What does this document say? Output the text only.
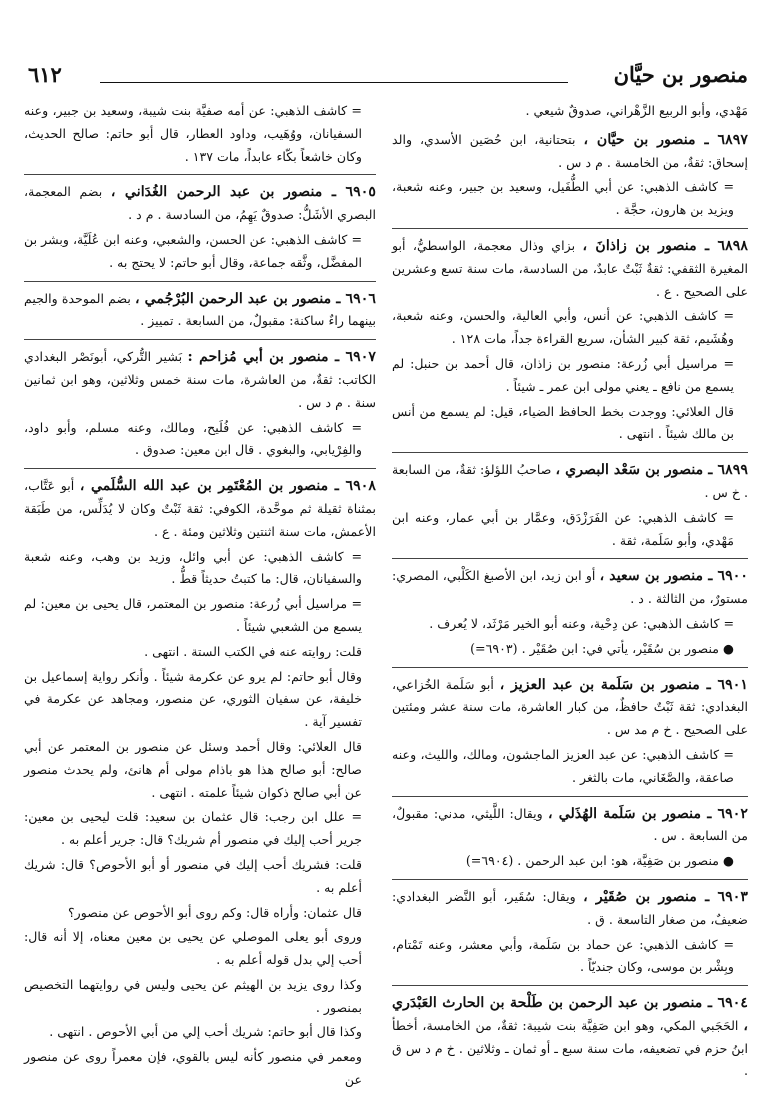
منصور بن حيَّان
٦١٢

مَهْدي، وأبو الربيع الزَّهْراني، صدوقٌ شيعي .

٦٨٩٧ ـ منصور بن حيَّان ، بتحتانية، ابن حُصَين الأسدي، والد إسحاق: ثقةٌ، من الخامسة . م د س .

= كاشف الذهبي: عن أبي الطُّفَيل، وسعيد بن جبير، وعنه شعبة، ويزيد بن هارون، حجَّة .

٦٨٩٨ ـ منصور بن زاذانَ ، بزاي وذال معجمة، الواسطيُّ، أبو المغيرة الثقفي: ثقةٌ ثَبْتٌ عابدٌ، من السادسة، مات سنة تسع وعشرين على الصحيح . ع .

= كاشف الذهبي: عن أنس، وأبي العالية، والحسن، وعنه شعبة، وهُشَيم، ثقة كبير الشأن، سريع القراءة جداً، مات ١٢٨ .

= مراسيل أبي زُرعة: منصور بن زاذان، قال أحمد بن حنبل: لم يسمع من نافع ـ يعني مولى ابن عمر ـ شيئاً .

قال العلائي: ووجدت بخط الحافظ الضياء، قيل: لم يسمع من أنس بن مالك شيئاً . انتهى .

٦٨٩٩ ـ منصور بن سَعْد البصري ، صاحبُ اللؤلؤ: ثقةٌ، من السابعة . خ س .

= كاشف الذهبي: عن الفَرَزْدَق، وعمَّار بن أبي عمار، وعنه ابن مَهْدي، وأبو سَلَمة، ثقة .

٦٩٠٠ ـ منصور بن سعيد ، أو ابن زيد، ابن الأصبغ الكَلْبي، المصري: مستورٌ، من الثالثة . د .

= كاشف الذهبي: عن دِحْية، وعنه أبو الخير مَرْثَد، لا يُعرف .

● منصور بن سُقَيْر، يأتي في: ابن صُقَيْر . (٦٩٠٣=)

٦٩٠١ ـ منصور بن سَلَمة بن عبد العزيز ، أبو سَلَمة الخُزاعي، البغدادي: ثقة ثَبْتٌ حافظٌ، من كبار العاشرة، مات سنة عشر ومئتين على الصحيح . خ م مد س .

= كاشف الذهبي: عن عبد العزيز الماجشون، ومالك، والليث، وعنه صاعقة، والصَّغَاني، مات بالثغر .

٦٩٠٢ ـ منصور بن سَلَمة الهُذَلي ، ويقال: اللَّيثي، مدني: مقبولٌ، من السابعة . س .

● منصور بن صَفِيَّة، هو: ابن عبد الرحمن . (٦٩٠٤=)

٦٩٠٣ ـ منصور بن صُقَيْر ، ويقال: سُقَير، أبو النَّضر البغدادي: ضعيفٌ، من صغار التاسعة . ق .

= كاشف الذهبي: عن حماد بن سَلَمة، وأبي معشر، وعنه تَمْتام، وبِشْر بن موسى، وكان جنديّاً .

٦٩٠٤ ـ منصور بن عبد الرحمن بن طَلْحة بن الحارث العَبْدَري ، الحَجَبي المكي، وهو ابن صَفِيَّة بنت شيبة: ثقةٌ، من الخامسة، أخطأ ابنُ حزم في تضعيفه، مات سنة سبع ـ أو ثمان ـ وثلاثين . خ م د س ق .

= كاشف الذهبي: عن أمه صفيَّة بنت شيبة، وسعيد بن جبير، وعنه السفيانان، ووُهَيب، وداود العطار، قال أبو حاتم: صالح الحديث، وكان خاشعاً بكّاء عابداً، مات ١٣٧ .

٦٩٠٥ ـ منصور بن عبد الرحمن الغُدَاني ، بضم المعجمة، البصري الأشَلُّ: صدوقٌ يَهِمُ، من السادسة . م د .

= كاشف الذهبي: عن الحسن، والشعبي، وعنه ابن عُلَيَّة، وبشر بن المفضَّل، وثَّقه جماعة، وقال أبو حاتم: لا يحتج به .

٦٩٠٦ ـ منصور بن عبد الرحمن البُرْجُمي ، بضم الموحدة والجيم بينهما راءٌ ساكنة: مقبولٌ، من السابعة . تمييز .

٦٩٠٧ ـ منصور بن أبي مُزاحم : بَشير التُّركي، أبونَصْر البغدادي الكاتب: ثقةٌ، من العاشرة، مات سنة خمس وثلاثين، وهو ابن ثمانين سنة . م د س .

= كاشف الذهبي: عن فُلَيح، ومالك، وعنه مسلم، وأبو داود، والفِرْيابي، والبغوي . قال ابن معين: صدوق .

٦٩٠٨ ـ منصور بن المُعْتَمِر بن عبد الله السُّلَمي ، أبو عَتَّاب، بمثناة ثقيلة ثم موحَّدة، الكوفي: ثقة ثَبْتٌ وكان لا يُدَلِّس، من طَبَقة الأعمش، مات سنة اثنتين وثلاثين ومئة . ع .

= كاشف الذهبي: عن أبي وائل، وزيد بن وهب، وعنه شعبة والسفيانان، قال: ما كتبتُ حديثاً قطُّ .

= مراسيل أبي زُرعة: منصور بن المعتمر، قال يحيى بن معين: لم يسمع من الشعبي شيئاً .

قلت: روايته عنه في الكتب الستة . انتهى .

وقال أبو حاتم: لم يرو عن عكرمة شيئاً . وأنكر رواية إسماعيل بن خليفة، عن سفيان الثوري، عن منصور، ومجاهد عن عكرمة في تفسير آية .

قال العلائي: وقال أحمد وسئل عن منصور بن المعتمر عن أبي صالح: أبو صالح هذا هو باذام مولى أم هانئ، ولم يحدث منصور عن أبي صالح ذكوان شيئاً علمته . انتهى .

= علل ابن رجب: قال عثمان بن سعيد: قلت ليحيى بن معين: جرير أحب إليك في منصور أم شريك؟ قال: جرير أعلم به .

قلت: فشريك أحب إليك في منصور أو أبو الأحوص؟ قال: شريك أعلم به .

قال عثمان: وأراه قال: وكم روى أبو الأحوص عن منصور؟

وروى أبو يعلى الموصلي عن يحيى بن معين معناه، إلا أنه قال: أحب إلي بدل قوله أعلم به .

وكذا روى يزيد بن الهيثم عن يحيى وليس في روايتهما التخصيص بمنصور .

وكذا قال أبو حاتم: شريك أحب إلي من أبي الأحوص . انتهى .

ومعمر في منصور كأنه ليس بالقوي، فإن معمراً روى عن منصور عن
